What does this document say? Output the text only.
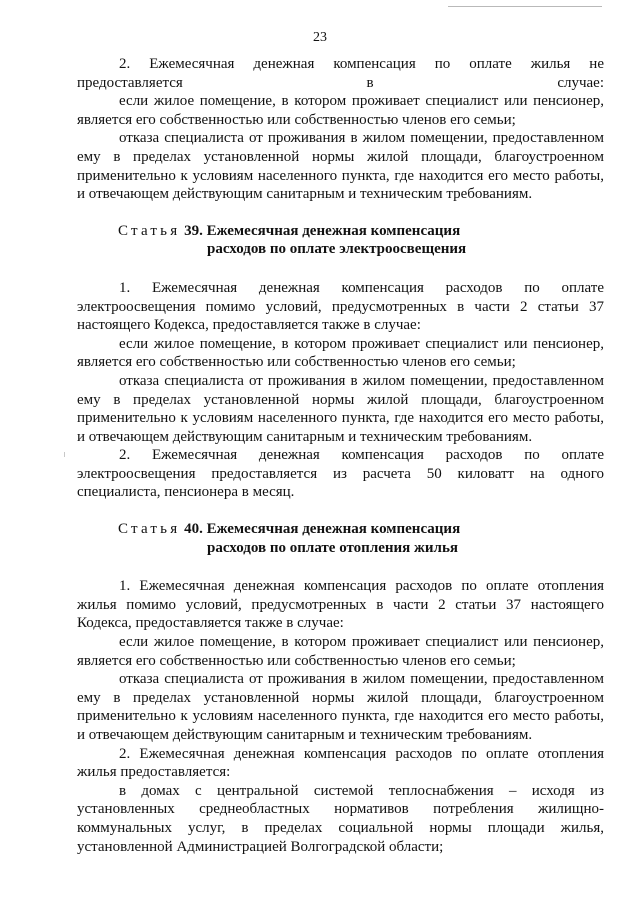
23

2. Ежемесячная денежная компенсация по оплате жилья не предоставляется в случае:

если жилое помещение, в котором проживает специалист или пенсионер, является его собственностью или собственностью членов его семьи;

отказа специалиста от проживания в жилом помещении, предоставленном ему в пределах установленной нормы жилой площади, благоустроенном применительно к условиям населенного пункта, где находится его место работы, и отвечающем действующим санитарным и техническим требованиям.

Статья 39. Ежемесячная денежная компенсация
расходов по оплате электроосвещения

1. Ежемесячная денежная компенсация расходов по оплате электроосвещения помимо условий, предусмотренных в части 2 статьи 37 настоящего Кодекса, предоставляется также в случае:

если жилое помещение, в котором проживает специалист или пенсионер, является его собственностью или собственностью членов его семьи;

отказа специалиста от проживания в жилом помещении, предоставленном ему в пределах установленной нормы жилой площади, благоустроенном применительно к условиям населенного пункта, где находится его место работы, и отвечающем действующим санитарным и техническим требованиям.

2. Ежемесячная денежная компенсация расходов по оплате электроосвещения предоставляется из расчета 50 киловатт на одного специалиста, пенсионера в месяц.

Статья 40. Ежемесячная денежная компенсация
расходов по оплате отопления жилья

1. Ежемесячная денежная компенсация расходов по оплате отопления жилья помимо условий, предусмотренных в части 2 статьи 37 настоящего Кодекса, предоставляется также в случае:

если жилое помещение, в котором проживает специалист или пенсионер, является его собственностью или собственностью членов его семьи;

отказа специалиста от проживания в жилом помещении, предоставленном ему в пределах установленной нормы жилой площади, благоустроенном применительно к условиям населенного пункта, где находится его место работы, и отвечающем действующим санитарным и техническим требованиям.

2. Ежемесячная денежная компенсация расходов по оплате отопления жилья предоставляется:

в домах с центральной системой теплоснабжения – исходя из установленных среднеобластных нормативов потребления жилищно-коммунальных услуг, в пределах социальной нормы площади жилья, установленной Администрацией Волгоградской области;
